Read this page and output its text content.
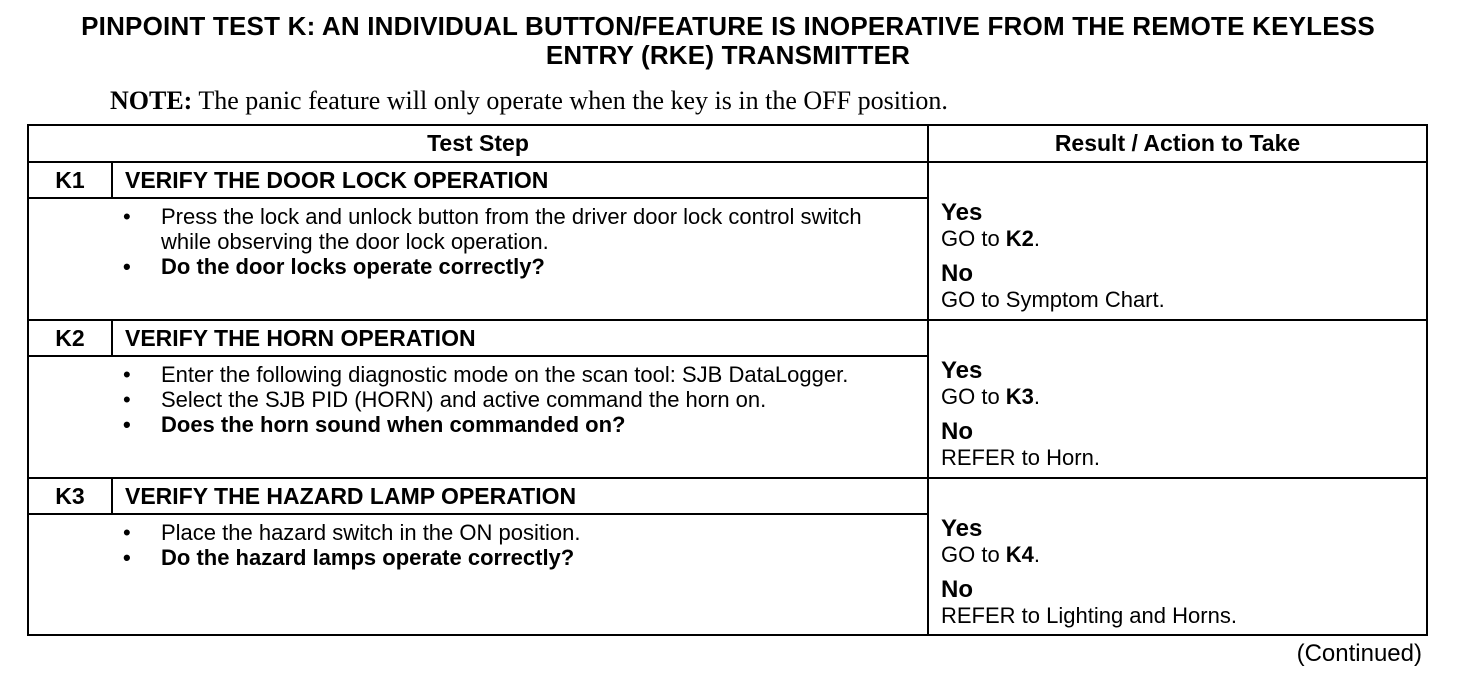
PINPOINT TEST K: AN INDIVIDUAL BUTTON/FEATURE IS INOPERATIVE FROM THE REMOTE KEYLESS
ENTRY (RKE) TRANSMITTER
NOTE: The panic feature will only operate when the key is in the OFF position.
Test Step	Result / Action to Take
K1	VERIFY THE DOOR LOCK OPERATION
• Press the lock and unlock button from the driver door lock control switch while observing the door lock operation.
• Do the door locks operate correctly?
Yes
GO to K2.
No
GO to Symptom Chart.
K2	VERIFY THE HORN OPERATION
• Enter the following diagnostic mode on the scan tool: SJB DataLogger.
• Select the SJB PID (HORN) and active command the horn on.
• Does the horn sound when commanded on?
Yes
GO to K3.
No
REFER to Horn.
K3	VERIFY THE HAZARD LAMP OPERATION
• Place the hazard switch in the ON position.
• Do the hazard lamps operate correctly?
Yes
GO to K4.
No
REFER to Lighting and Horns.
(Continued)
